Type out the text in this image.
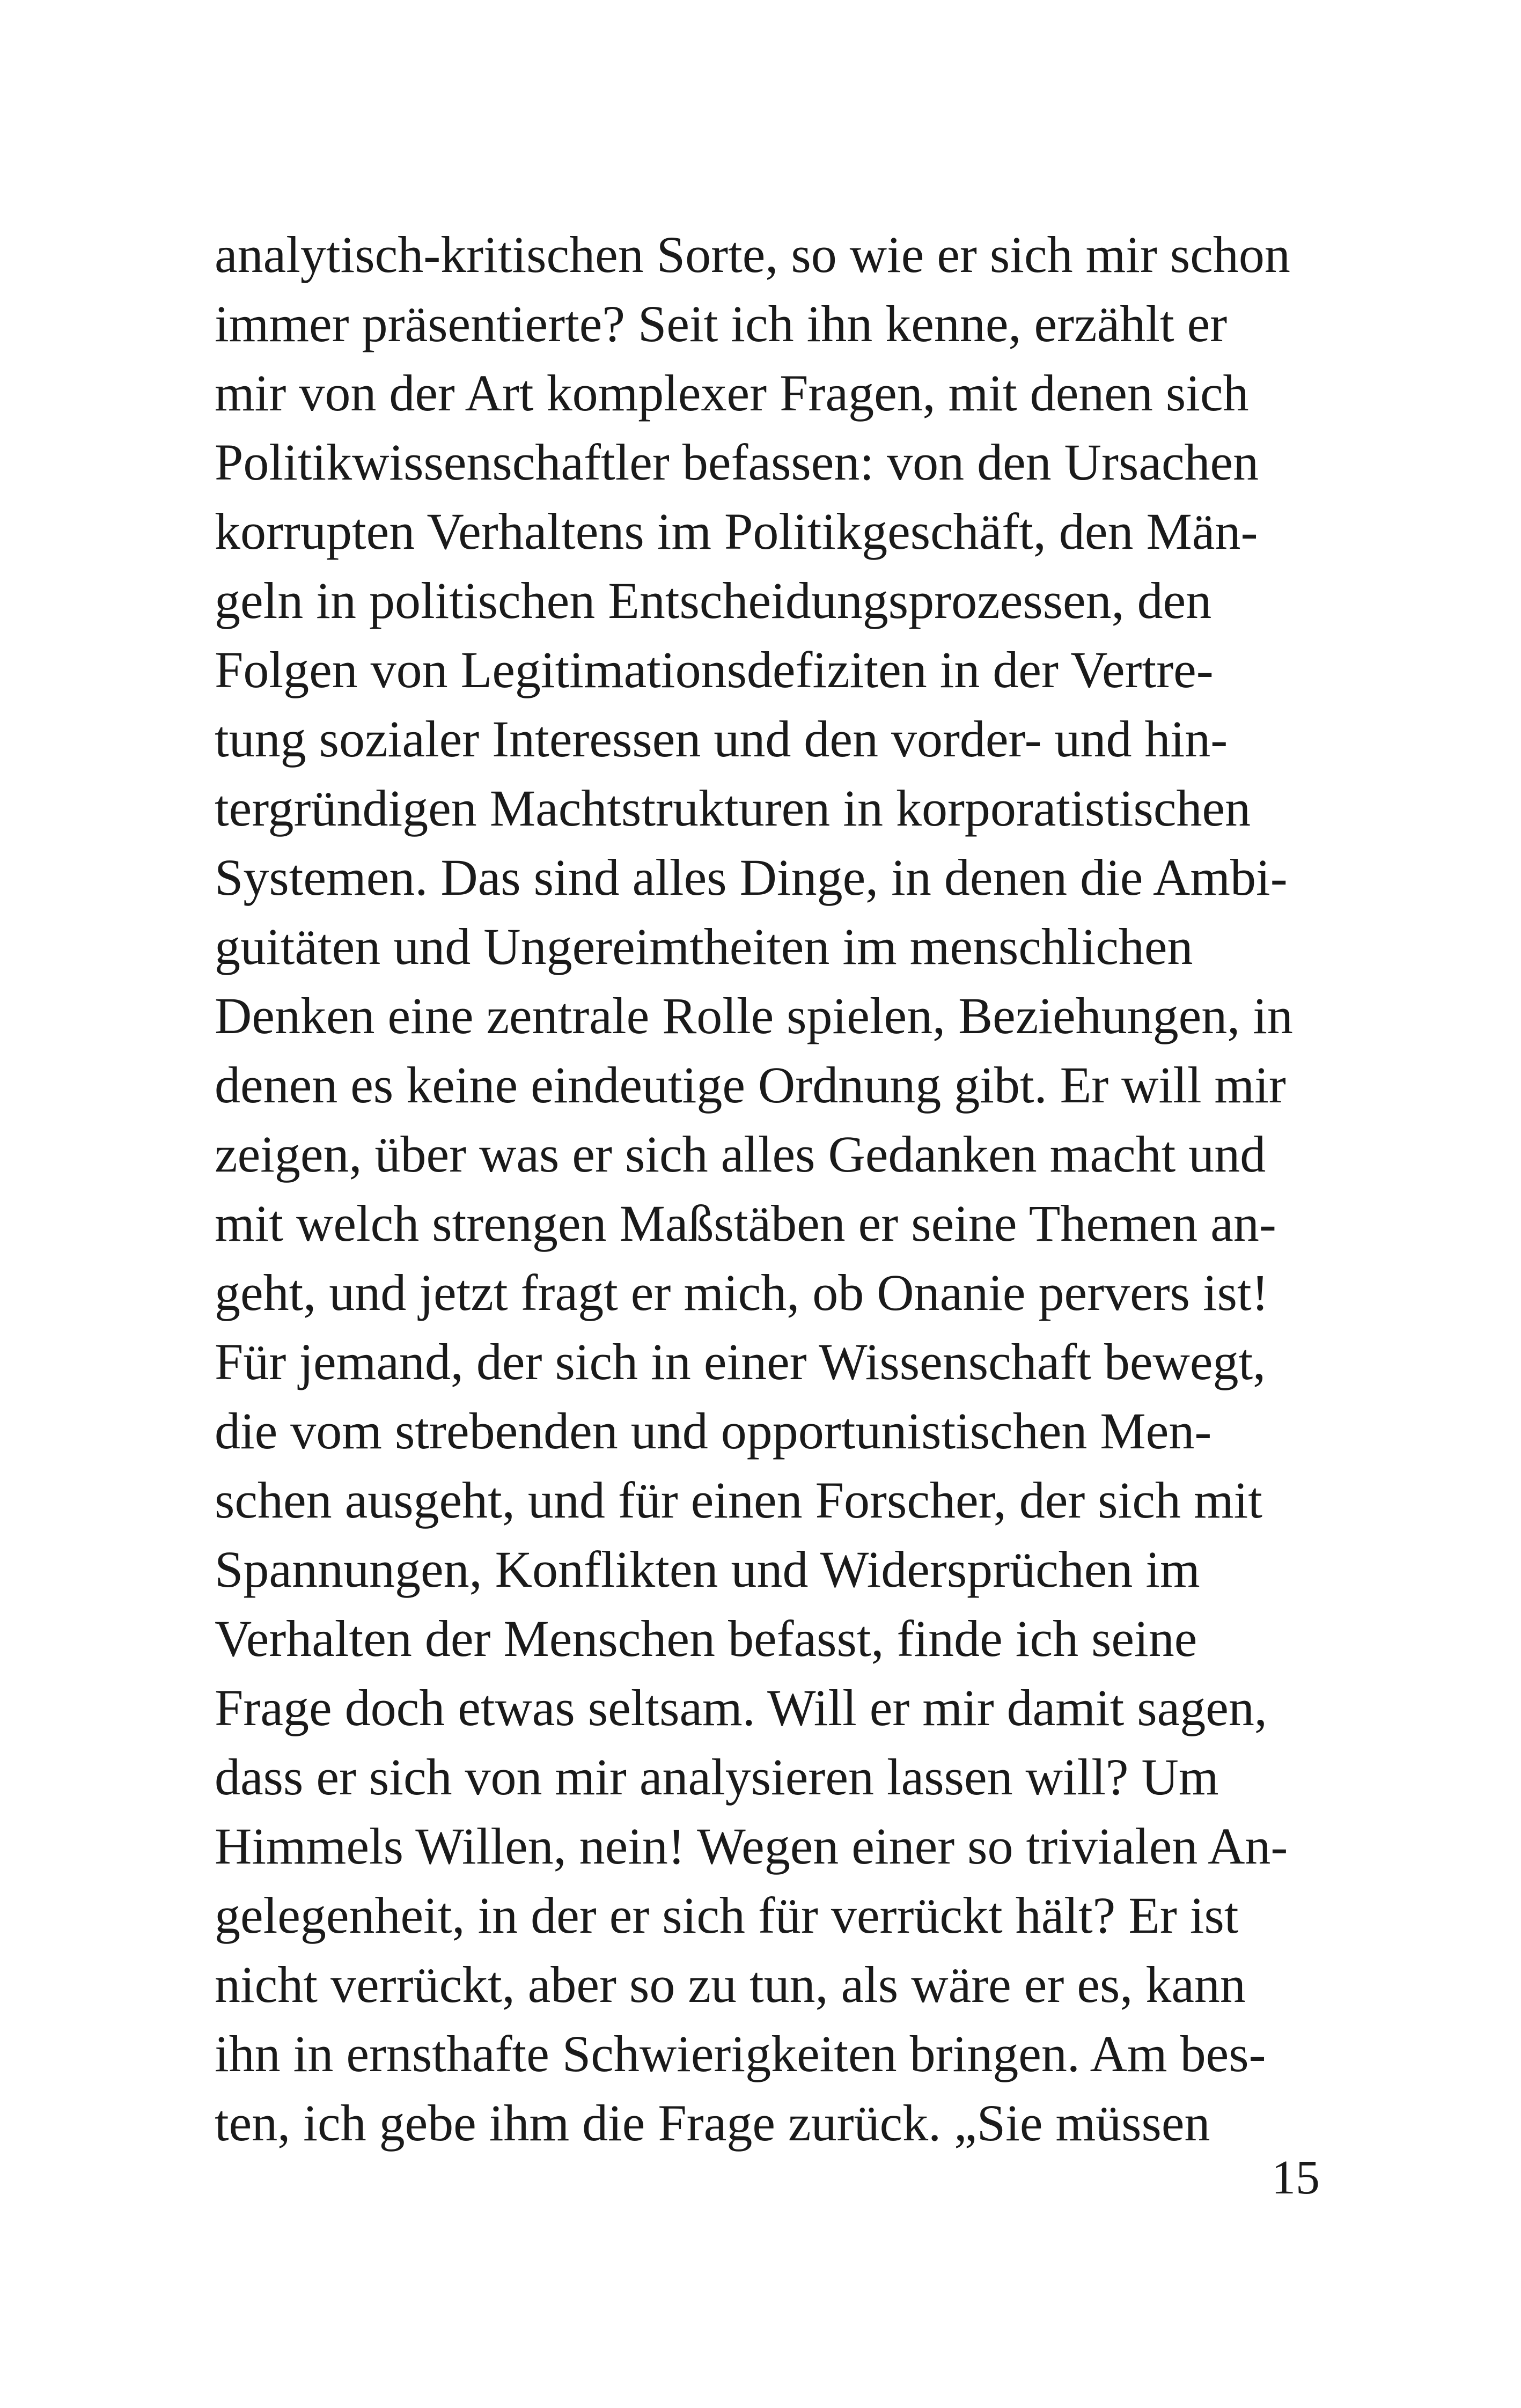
analytisch-kritischen Sorte, so wie er sich mir schon
immer präsentierte? Seit ich ihn kenne, erzählt er
mir von der Art komplexer Fragen, mit denen sich
Politikwissenschaftler befassen: von den Ursachen
korrupten Verhaltens im Politikgeschäft, den Män-
geln in politischen Entscheidungsprozessen, den
Folgen von Legitimationsdefiziten in der Vertre-
tung sozialer Interessen und den vorder- und hin-
tergründigen Machtstrukturen in korporatistischen
Systemen. Das sind alles Dinge, in denen die Ambi-
guitäten und Ungereimtheiten im menschlichen
Denken eine zentrale Rolle spielen, Beziehungen, in
denen es keine eindeutige Ordnung gibt. Er will mir
zeigen, über was er sich alles Gedanken macht und
mit welch strengen Maßstäben er seine Themen an-
geht, und jetzt fragt er mich, ob Onanie pervers ist!
Für jemand, der sich in einer Wissenschaft bewegt,
die vom strebenden und opportunistischen Men-
schen ausgeht, und für einen Forscher, der sich mit
Spannungen, Konflikten und Widersprüchen im
Verhalten der Menschen befasst, finde ich seine
Frage doch etwas seltsam. Will er mir damit sagen,
dass er sich von mir analysieren lassen will? Um
Himmels Willen, nein! Wegen einer so trivialen An-
gelegenheit, in der er sich für verrückt hält? Er ist
nicht verrückt, aber so zu tun, als wäre er es, kann
ihn in ernsthafte Schwierigkeiten bringen. Am bes-
ten, ich gebe ihm die Frage zurück. „Sie müssen
15
